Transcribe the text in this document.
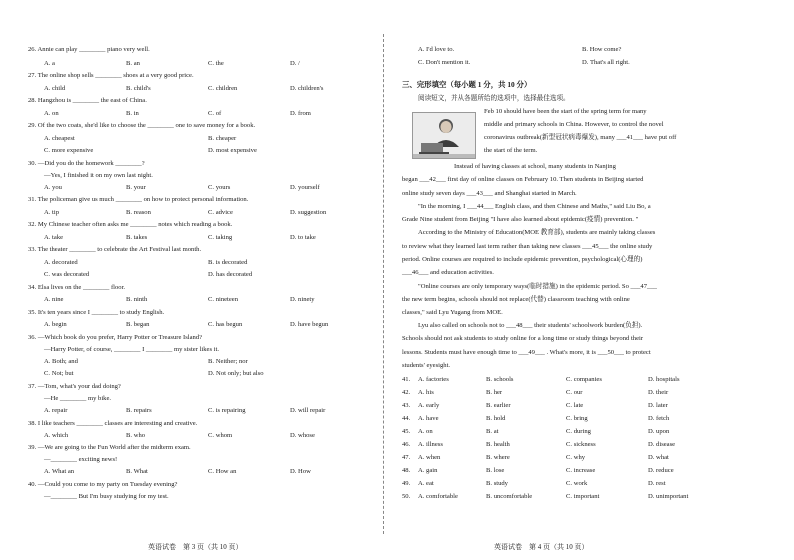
26. Annie can play ________ piano very well.
A. a	B. an	C. the	D. /
27. The online shop sells ________ shoes at a very good price.
A. child	B. child's	C. children	D. children's
28. Hangzhou is ________ the east of China.
A. on	B. in	C. of	D. from
29. Of the two coats, she'd like to choose the ________ one to save money for a book.
A. cheapest	B. cheaper
C. more expensive	D. most expensive
30. —Did you do the homework ________?
—Yes, I finished it on my own last night.
A. you	B. your	C. yours	D. yourself
31. The policeman give us much ________ on how to protect personal information.
A. tip	B. reason	C. advice	D. suggestion
32. My Chinese teacher often asks me ________ notes which reading a book.
A. take	B. takes	C. taking	D. to take
33. The theater ________ to celebrate the Art Festival last month.
A. decorated	B. is decorated
C. was decorated	D. has decorated
34. Elsa lives on the ________ floor.
A. nine	B. ninth	C. nineteen	D. ninety
35. It's ten years since I ________ to study English.
A. begin	B. began	C. has begun	D. have begun
36. —Which book do you prefer, Harry Potter or Treasure Island?
—Harry Potter, of course, ________ I ________ my sister likes it.
A. Both; and	B. Neither; nor
C. Not; but	D. Not only; but also
37. —Tom, what's your dad doing?
—He ________ my bike.
A. repair	B. repairs	C. is repairing	D. will repair
38. I like teachers ________ classes are interesting and creative.
A. which	B. who	C. whom	D. whose
39. —We are going to the Fun World after the midterm exam.
—________ exciting news!
A. What an	B. What	C. How an	D. How
40. —Could you come to my party on Tuesday evening?
—________ But I'm busy studying for my test.
英语试卷　第 3 页（共 10 页）
A. I'd love to.	B. How come?
C. Don't mention it.	D. That's all right.
三、完形填空（每小题 1 分，共 10 分）
阅读短文，并从各题所给的选项中，选择最佳选项。
Feb 10 should have been the start of the spring term for many
middle and primary schools in China. However, to control the novel
coronavirus outbreak(新型冠状病毒爆发), many ___41___ have put off
the start of the term.
Instead of having classes at school, many students in Nanjing
began ___42___ first day of online classes on February 10. Then students in Beijing started
online study seven days ___43___ and Shanghai started in March.
"In the morning, I ___44___ English class, and then Chinese and Maths," said Liu Bo, a
Grade Nine student from Beijing "I have also learned about epidemic(疫情) prevention. "
According to the Ministry of Education(MOE 教育部), students are mainly taking classes
to review what they learned last term rather than taking new classes ___45___ the online study
period. Online courses are required to include epidemic prevention, psychological(心理的)
___46___ and education activities.
"Online courses are only temporary ways(临时措施) in the epidemic period. So ___47___
the new term begins, schools should not replace(代替) classroom teaching with online
classes," said Lyu Yugang from MOE.
Lyu also called on schools not to ___48___ their students' schoolwork burden(负担).
Schools should not ask students to study online for a long time or study things beyond their
lessons. Students must have enough time to ___49___ . What's more, it is ___50___ to protect
students' eyesight.
41. A. factories	B. schools	C. companies	D. hospitals
42. A. his	B. her	C. our	D. their
43. A. early	B. earlier	C. late	D. later
44. A. have	B. hold	C. bring	D. fetch
45. A. on	B. at	C. during	D. upon
46. A. illness	B. health	C. sickness	D. disease
47. A. when	B. where	C. why	D. what
48. A. gain	B. lose	C. increase	D. reduce
49. A. eat	B. study	C. work	D. rest
50. A. comfortable	B. uncomfortable	C. important	D. unimportant
英语试卷　第 4 页（共 10 页）
